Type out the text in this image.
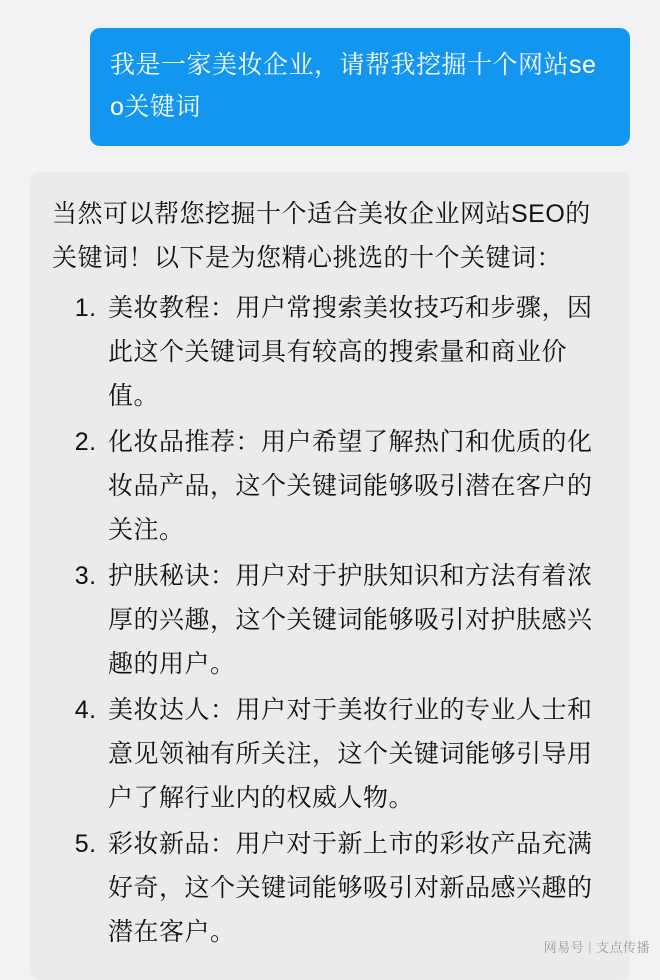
我是一家美妆企业，请帮我挖掘十个网站seo关键词

当然可以帮您挖掘十个适合美妆企业网站SEO的关键词！以下是为您精心挑选的十个关键词：

1. 美妆教程：用户常搜索美妆技巧和步骤，因此这个关键词具有较高的搜索量和商业价值。
2. 化妆品推荐：用户希望了解热门和优质的化妆品产品，这个关键词能够吸引潜在客户的关注。
3. 护肤秘诀：用户对于护肤知识和方法有着浓厚的兴趣，这个关键词能够吸引对护肤感兴趣的用户。
4. 美妆达人：用户对于美妆行业的专业人士和意见领袖有所关注，这个关键词能够引导用户了解行业内的权威人物。
5. 彩妆新品：用户对于新上市的彩妆产品充满好奇，这个关键词能够吸引对新品感兴趣的潜在客户。
网易号 | 支点传播
